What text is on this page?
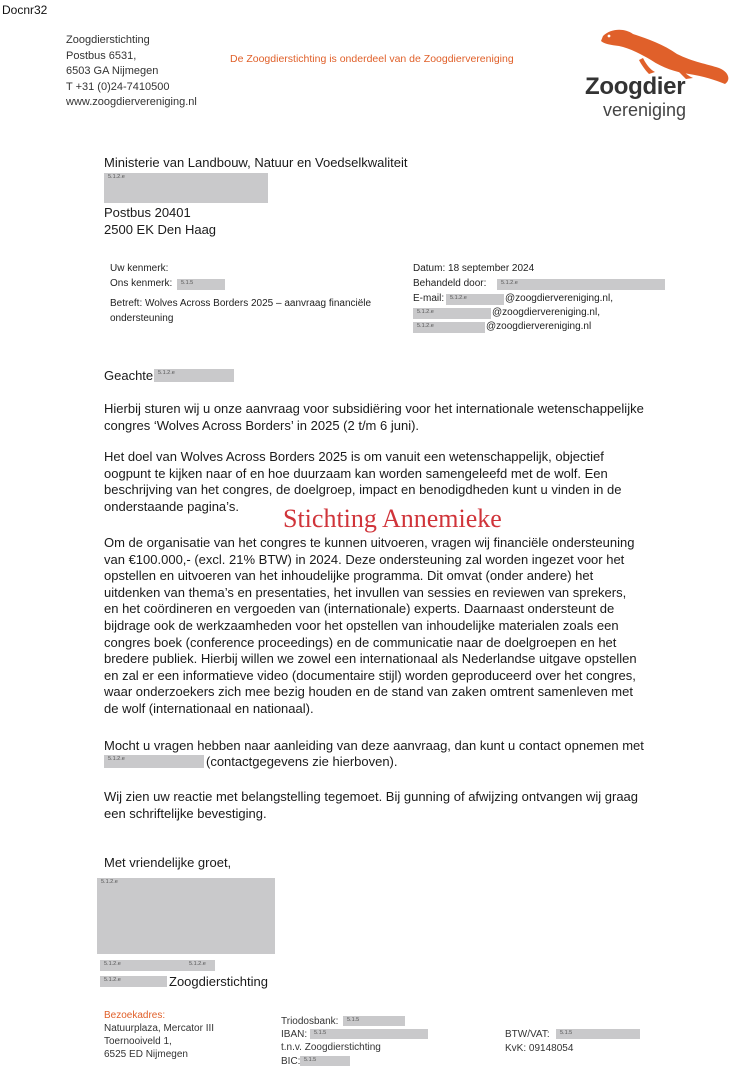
Docnr32
Zoogdierstichting
Postbus 6531,
6503 GA Nijmegen
T +31 (0)24-7410500
www.zoogdiervereniging.nl
De Zoogdierstichting is onderdeel van de Zoogdiervereniging
Zoogdier
vereniging
Ministerie van Landbouw, Natuur en Voedselkwaliteit
5.1.2.e
Postbus 20401
2500 EK Den Haag
Uw kenmerk:
Ons kenmerk: 5.1.5
Betreft: Wolves Across Borders 2025 – aanvraag financiële
ondersteuning
Datum: 18 september 2024
Behandeld door:	5.1.2.e
E-mail: 5.1.2.e	@zoogdiervereniging.nl,
5.1.2.e	@zoogdiervereniging.nl,
5.1.2.e	@zoogdiervereniging.nl
Geachte 5.1.2.e

Hierbij sturen wij u onze aanvraag voor subsidiëring voor het internationale wetenschappelijke congres ‘Wolves Across Borders’ in 2025 (2 t/m 6 juni).

Het doel van Wolves Across Borders 2025 is om vanuit een wetenschappelijk, objectief oogpunt te kijken naar of en hoe duurzaam kan worden samengeleefd met de wolf. Een beschrijving van het congres, de doelgroep, impact en benodigdheden kunt u vinden in de onderstaande pagina’s.	Stichting Annemieke

Om de organisatie van het congres te kunnen uitvoeren, vragen wij financiële ondersteuning van €100.000,- (excl. 21% BTW) in 2024. Deze ondersteuning zal worden ingezet voor het opstellen en uitvoeren van het inhoudelijke programma. Dit omvat (onder andere) het uitdenken van thema’s en presentaties, het invullen van sessies en reviewen van sprekers, en het coördineren en vergoeden van (internationale) experts. Daarnaast ondersteunt de bijdrage ook de werkzaamheden voor het opstellen van inhoudelijke materialen zoals een congres boek (conference proceedings) en de communicatie naar de doelgroepen en het bredere publiek. Hierbij willen we zowel een internationaal als Nederlandse uitgave opstellen en zal er een informatieve video (documentaire stijl) worden geproduceerd over het congres, waar onderzoekers zich mee bezig houden en de stand van zaken omtrent samenleven met de wolf (internationaal en nationaal).

Mocht u vragen hebben naar aanleiding van deze aanvraag, dan kunt u contact opnemen met
5.1.2.e	(contactgegevens zie hierboven).

Wij zien uw reactie met belangstelling tegemoet. Bij gunning of afwijzing ontvangen wij graag een schriftelijke bevestiging.

Met vriendelijke groet,
5.1.2.e
5.1.2.e	5.1.2.e
5.1.2.e	Zoogdierstichting
Bezoekadres:
Natuurplaza, Mercator III
Toernooiveld 1,
6525 ED Nijmegen
Triodosbank: 5.1.5
IBAN: 5.1.5
t.n.v. Zoogdierstichting
BIC: 5.1.5
BTW/VAT: 5.1.5
KvK: 09148054
